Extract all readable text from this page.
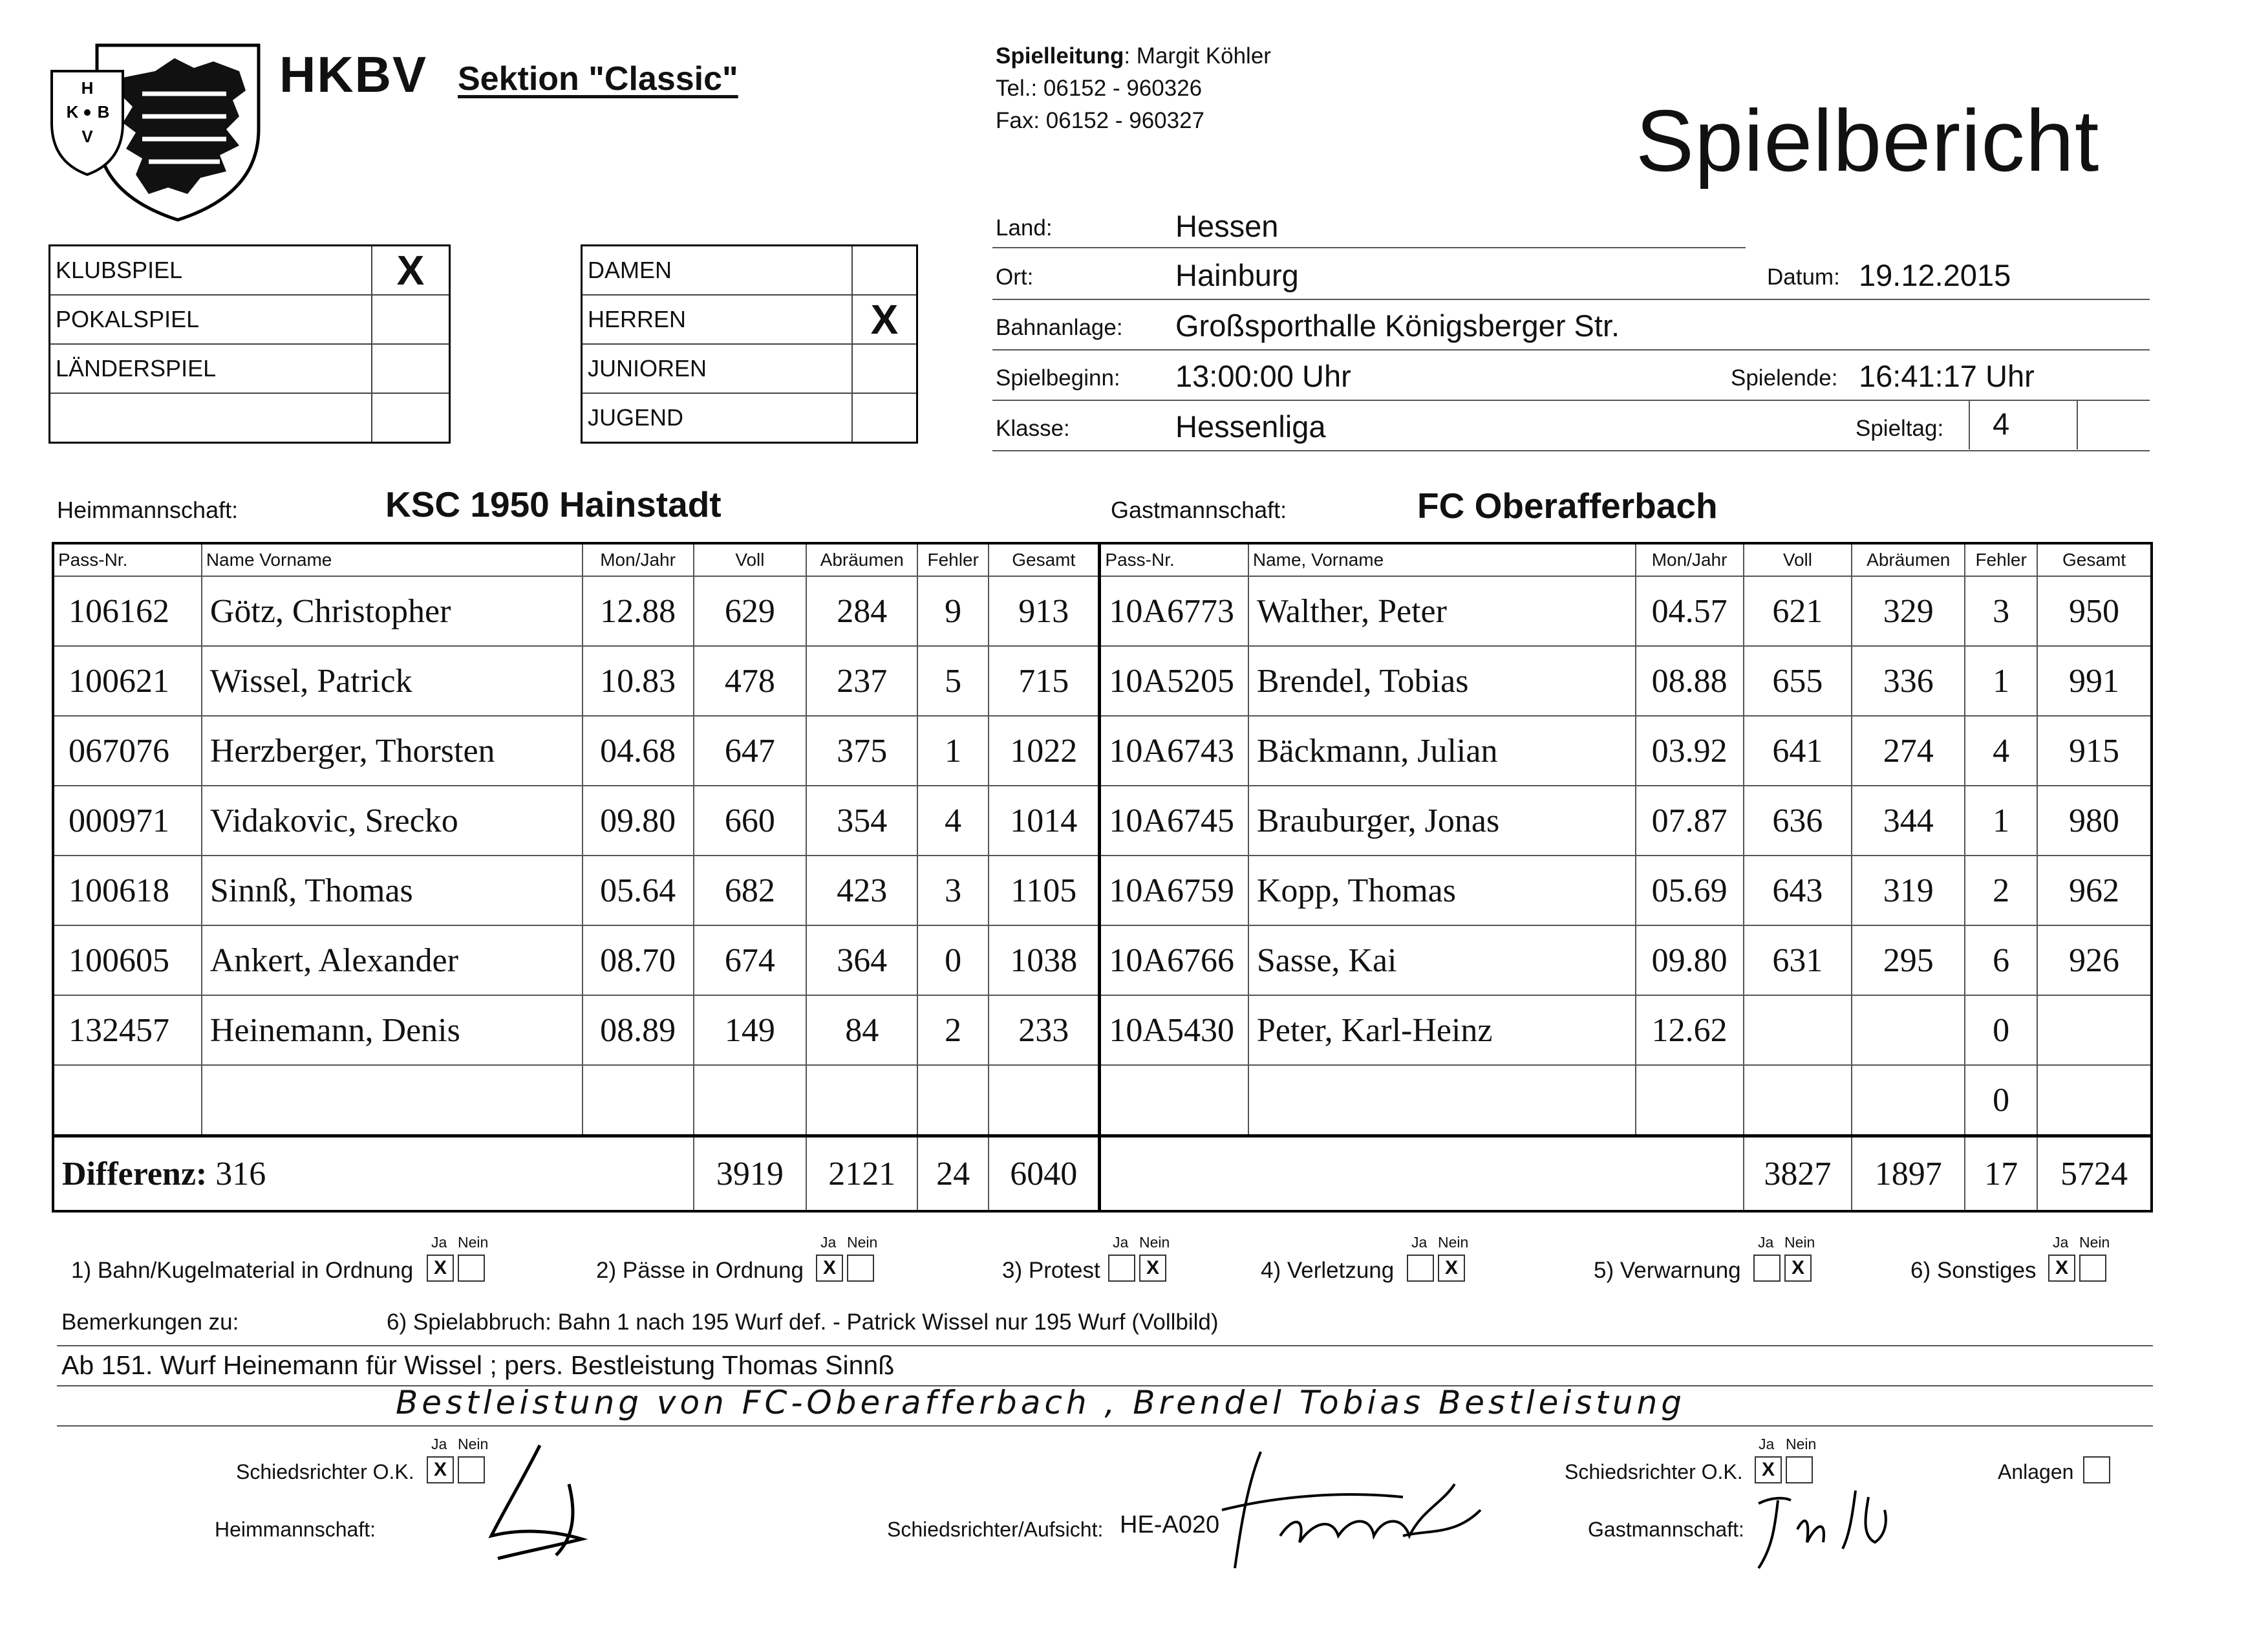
H
K B
V
HKBV Sektion "Classic"
Spielleitung: Margit Köhler
Tel.: 06152 - 960326
Fax: 06152 - 960327	Spielbericht
KLUBSPIEL	X
POKALSPIEL	
LÄNDERSPIEL	

DAMEN	
HERREN	X
JUNIOREN	
JUGEND	
Land:	Hessen
Ort:	Hainburg	Datum: 19.12.2015
Bahnanlage: Großsporthalle Königsberger Str.
Spielbeginn: 13:00:00 Uhr	Spielende: 16:41:17 Uhr
Klasse:	Hessenliga	Spieltag: 4
Heimmannschaft:	KSC 1950 Hainstadt	Gastmannschaft:	FC Oberafferbach
Pass-Nr.	Name Vorname	Mon/Jahr	Voll	Abräumen	Fehler	Gesamt	Pass-Nr.	Name, Vorname	Mon/Jahr	Voll	Abräumen	Fehler	Gesamt
106162	Götz, Christopher	12.88	629	284	9	913	10A6773	Walther, Peter	04.57	621	329	3	950
100621	Wissel, Patrick	10.83	478	237	5	715	10A5205	Brendel, Tobias	08.88	655	336	1	991
067076	Herzberger, Thorsten	04.68	647	375	1	1022	10A6743	Bäckmann, Julian	03.92	641	274	4	915
000971	Vidakovic, Srecko	09.80	660	354	4	1014	10A6745	Brauburger, Jonas	07.87	636	344	1	980
100618	Sinnß, Thomas	05.64	682	423	3	1105	10A6759	Kopp, Thomas	05.69	643	319	2	962
100605	Ankert, Alexander	08.70	674	364	0	1038	10A6766	Sasse, Kai	09.80	631	295	6	926
132457	Heinemann, Denis	08.89	149	84	2	233	10A5430	Peter, Karl-Heinz	12.62			0	
												0	
Differenz: 316			3919	2121	24	6040				3827	1897	17	5724
1) Bahn/Kugelmaterial in Ordnung
Ja
X
Nein
2) Pässe in Ordnung
Ja
X
Nein
3) Protest
Ja Nein
X	4) Verletzung
Ja Nein
X	5) Verwarnung
Ja Nein
X	6) Sonstiges
Ja
X
Nein
Bemerkungen zu:	6) Spielabbruch: Bahn 1 nach 195 Wurf def. - Patrick Wissel nur 195 Wurf (Vollbild)
Ab 151. Wurf Heinemann für Wissel ; pers. Bestleistung Thomas Sinnß
Bestleistung von FC-Oberafferbach , Brendel Tobias Bestleistung
Schiedsrichter O.K.
Ja Nein
X	Schiedsrichter O.K.
Ja Nein
X	Anlagen
Heimmannschaft:	Schiedsrichter/Aufsicht: HE-A020	Gastmannschaft:
